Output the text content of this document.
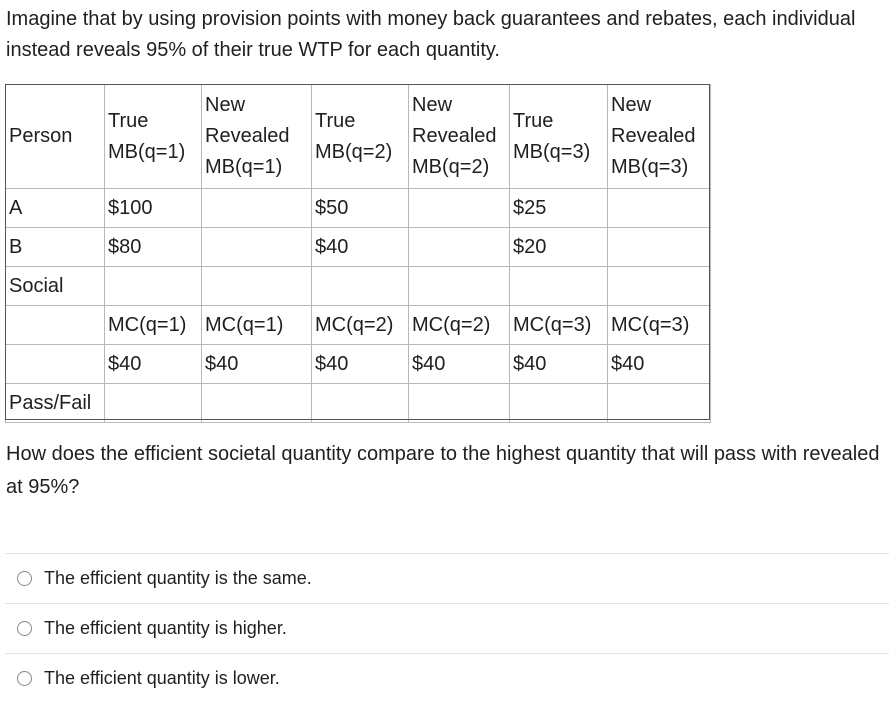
Imagine that by using provision points with money back guarantees and rebates, each individual instead reveals 95% of their true WTP for each quantity.

Person	True MB(q=1)	New Revealed MB(q=1)	True MB(q=2)	New Revealed MB(q=2)	True MB(q=3)	New Revealed MB(q=3)
A	$100		$50		$25	
B	$80		$40		$20	
Social						
	MC(q=1)	MC(q=1)	MC(q=2)	MC(q=2)	MC(q=3)	MC(q=3)
	$40	$40	$40	$40	$40	$40
Pass/Fail						

How does the efficient societal quantity compare to the highest quantity that will pass with revealed at 95%?

The efficient quantity is the same.
The efficient quantity is higher.
The efficient quantity is lower.
